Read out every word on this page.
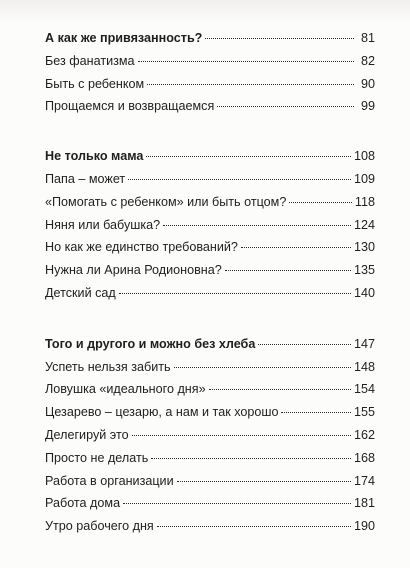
А как же привязанность?	81
Без фанатизма	82
Быть с ребенком	90
Прощаемся и возвращаемся	99
Не только мама	108
Папа – может	109
«Помогать с ребенком» или быть отцом?	118
Няня или бабушка?	124
Но как же единство требований?	130
Нужна ли Арина Родионовна?	135
Детский сад	140
Того и другого и можно без хлеба	147
Успеть нельзя забить	148
Ловушка «идеального дня»	154
Цезарево – цезарю, а нам и так хорошо	155
Делегируй это	162
Просто не делать	168
Работа в организации	174
Работа дома	181
Утро рабочего дня	190
